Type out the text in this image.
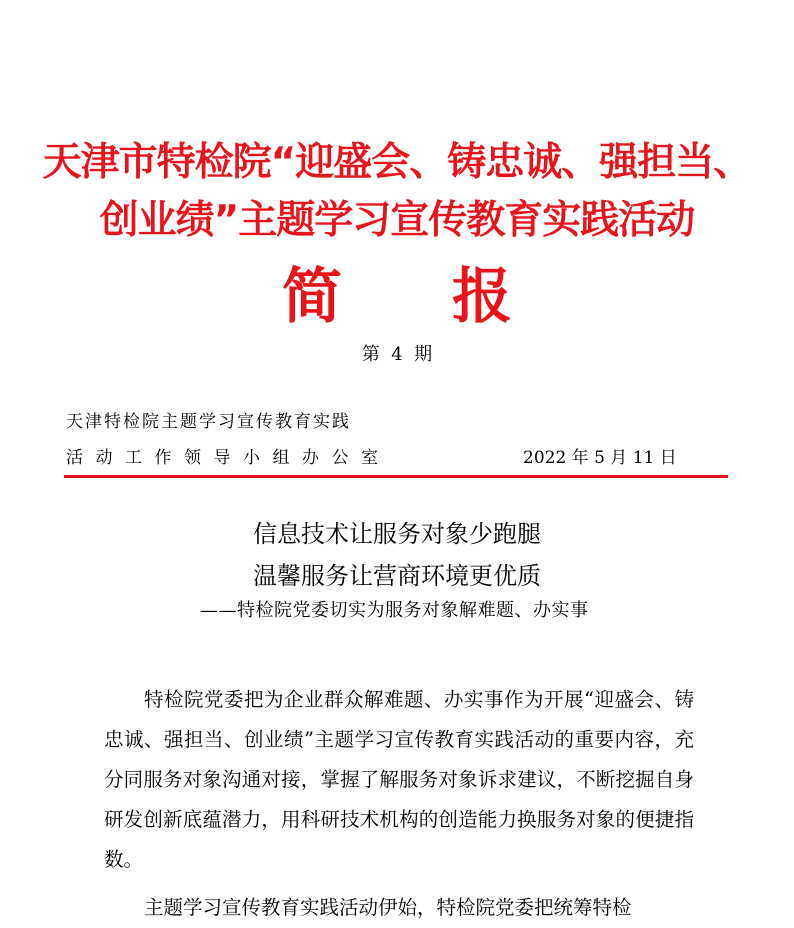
天津市特检院“迎盛会、铸忠诚、强担当、
创业绩”主题学习宣传教育实践活动
简报
第  4  期
天津特检院主题学习宣传教育实践
活动工作领导小组办公室	2022 年 5 月 11 日
信息技术让服务对象少跑腿
温馨服务让营商环境更优质
——特检院党委切实为服务对象解难题、办实事

特检院党委把为企业群众解难题、办实事作为开展“迎盛会、铸忠诚、强担当、创业绩”主题学习宣传教育实践活动的重要内容，充分同服务对象沟通对接，掌握了解服务对象诉求建议，不断挖掘自身研发创新底蕴潜力，用科研技术机构的创造能力换服务对象的便捷指数。

主题学习宣传教育实践活动伊始，特检院党委把统筹特检
